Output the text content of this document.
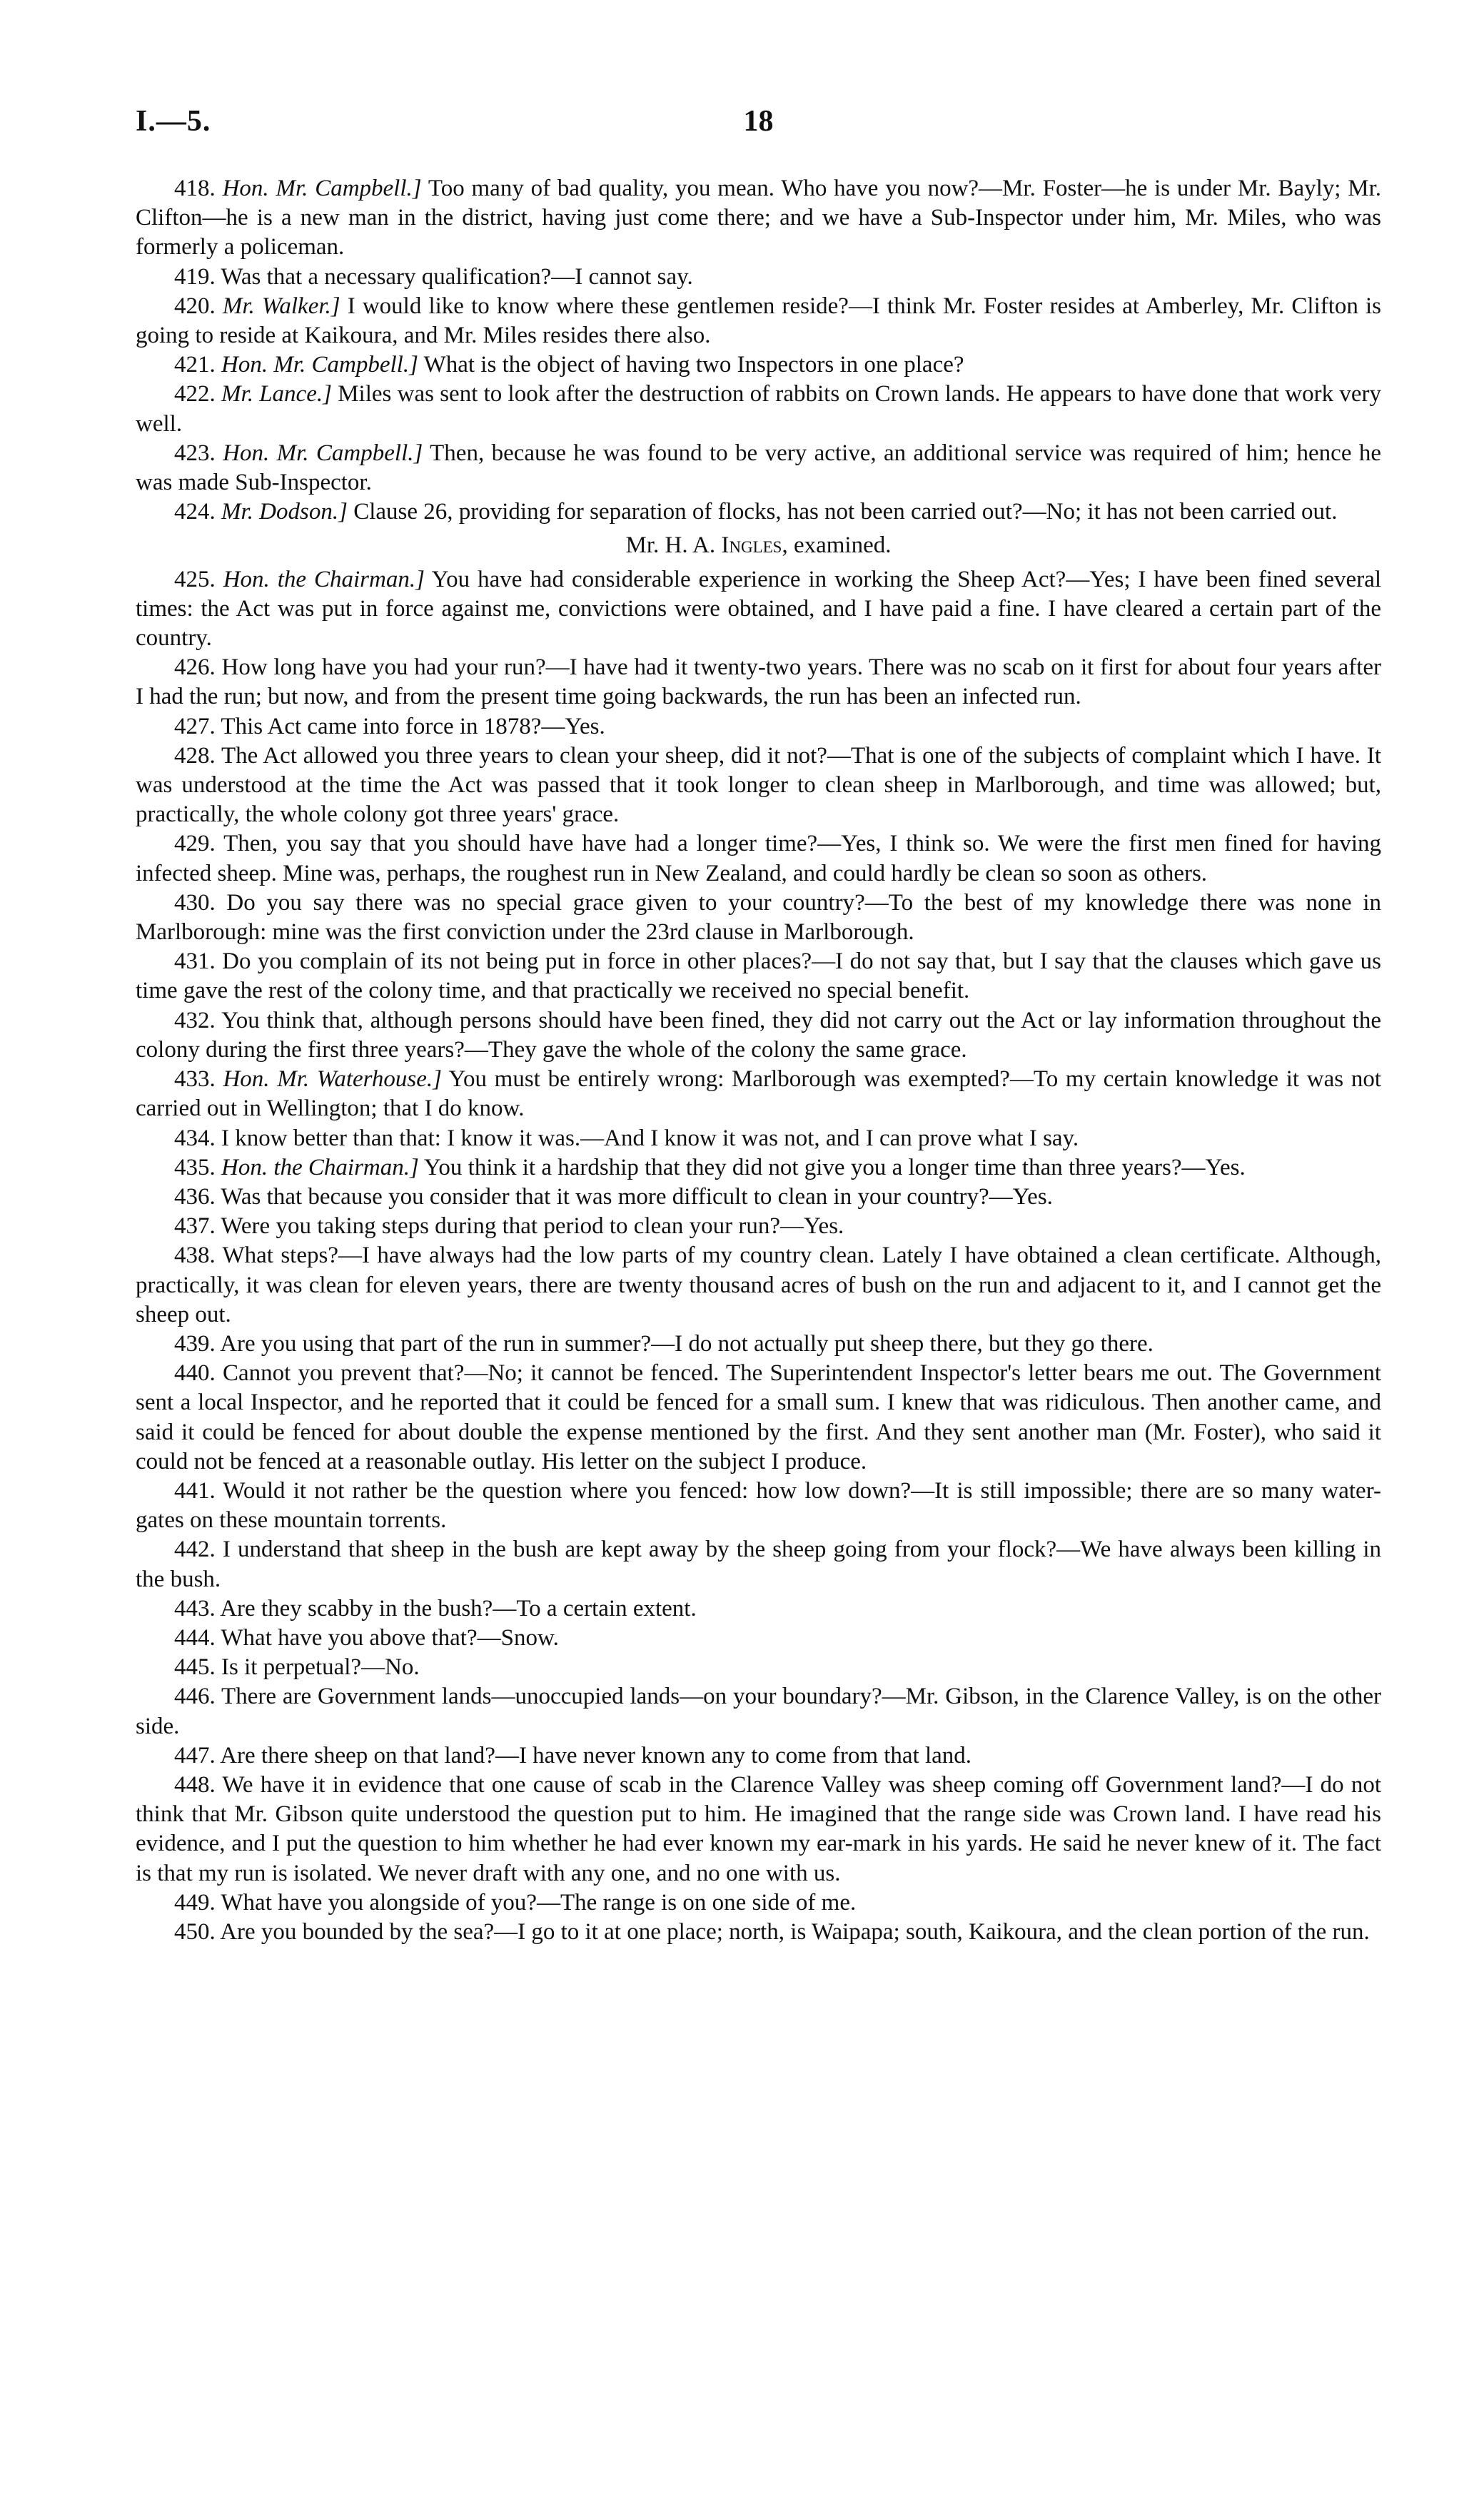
I.—5.	18

418. Hon. Mr. Campbell.] Too many of bad quality, you mean. Who have you now?—Mr. Foster—he is under Mr. Bayly; Mr. Clifton—he is a new man in the district, having just come there; and we have a Sub-Inspector under him, Mr. Miles, who was formerly a policeman.

419. Was that a necessary qualification?—I cannot say.

420. Mr. Walker.] I would like to know where these gentlemen reside?—I think Mr. Foster resides at Amberley, Mr. Clifton is going to reside at Kaikoura, and Mr. Miles resides there also.

421. Hon. Mr. Campbell.] What is the object of having two Inspectors in one place?

422. Mr. Lance.] Miles was sent to look after the destruction of rabbits on Crown lands. He appears to have done that work very well.

423. Hon. Mr. Campbell.] Then, because he was found to be very active, an additional service was required of him; hence he was made Sub-Inspector.

424. Mr. Dodson.] Clause 26, providing for separation of flocks, has not been carried out?—No; it has not been carried out.

Mr. H. A. Ingles, examined.

425. Hon. the Chairman.] You have had considerable experience in working the Sheep Act?—Yes; I have been fined several times: the Act was put in force against me, convictions were obtained, and I have paid a fine. I have cleared a certain part of the country.

426. How long have you had your run?—I have had it twenty-two years. There was no scab on it first for about four years after I had the run; but now, and from the present time going backwards, the run has been an infected run.

427. This Act came into force in 1878?—Yes.

428. The Act allowed you three years to clean your sheep, did it not?—That is one of the subjects of complaint which I have. It was understood at the time the Act was passed that it took longer to clean sheep in Marlborough, and time was allowed; but, practically, the whole colony got three years' grace.

429. Then, you say that you should have have had a longer time?—Yes, I think so. We were the first men fined for having infected sheep. Mine was, perhaps, the roughest run in New Zealand, and could hardly be clean so soon as others.

430. Do you say there was no special grace given to your country?—To the best of my knowledge there was none in Marlborough: mine was the first conviction under the 23rd clause in Marlborough.

431. Do you complain of its not being put in force in other places?—I do not say that, but I say that the clauses which gave us time gave the rest of the colony time, and that practically we received no special benefit.

432. You think that, although persons should have been fined, they did not carry out the Act or lay information throughout the colony during the first three years?—They gave the whole of the colony the same grace.

433. Hon. Mr. Waterhouse.] You must be entirely wrong: Marlborough was exempted?—To my certain knowledge it was not carried out in Wellington; that I do know.

434. I know better than that: I know it was.—And I know it was not, and I can prove what I say.

435. Hon. the Chairman.] You think it a hardship that they did not give you a longer time than three years?—Yes.

436. Was that because you consider that it was more difficult to clean in your country?—Yes.

437. Were you taking steps during that period to clean your run?—Yes.

438. What steps?—I have always had the low parts of my country clean. Lately I have obtained a clean certificate. Although, practically, it was clean for eleven years, there are twenty thousand acres of bush on the run and adjacent to it, and I cannot get the sheep out.

439. Are you using that part of the run in summer?—I do not actually put sheep there, but they go there.

440. Cannot you prevent that?—No; it cannot be fenced. The Superintendent Inspector's letter bears me out. The Government sent a local Inspector, and he reported that it could be fenced for a small sum. I knew that was ridiculous. Then another came, and said it could be fenced for about double the expense mentioned by the first. And they sent another man (Mr. Foster), who said it could not be fenced at a reasonable outlay. His letter on the subject I produce.

441. Would it not rather be the question where you fenced: how low down?—It is still impossible; there are so many water-gates on these mountain torrents.

442. I understand that sheep in the bush are kept away by the sheep going from your flock?—We have always been killing in the bush.

443. Are they scabby in the bush?—To a certain extent.

444. What have you above that?—Snow.

445. Is it perpetual?—No.

446. There are Government lands—unoccupied lands—on your boundary?—Mr. Gibson, in the Clarence Valley, is on the other side.

447. Are there sheep on that land?—I have never known any to come from that land.

448. We have it in evidence that one cause of scab in the Clarence Valley was sheep coming off Government land?—I do not think that Mr. Gibson quite understood the question put to him. He imagined that the range side was Crown land. I have read his evidence, and I put the question to him whether he had ever known my ear-mark in his yards. He said he never knew of it. The fact is that my run is isolated. We never draft with any one, and no one with us.

449. What have you alongside of you?—The range is on one side of me.

450. Are you bounded by the sea?—I go to it at one place; north, is Waipapa; south, Kaikoura, and the clean portion of the run.
